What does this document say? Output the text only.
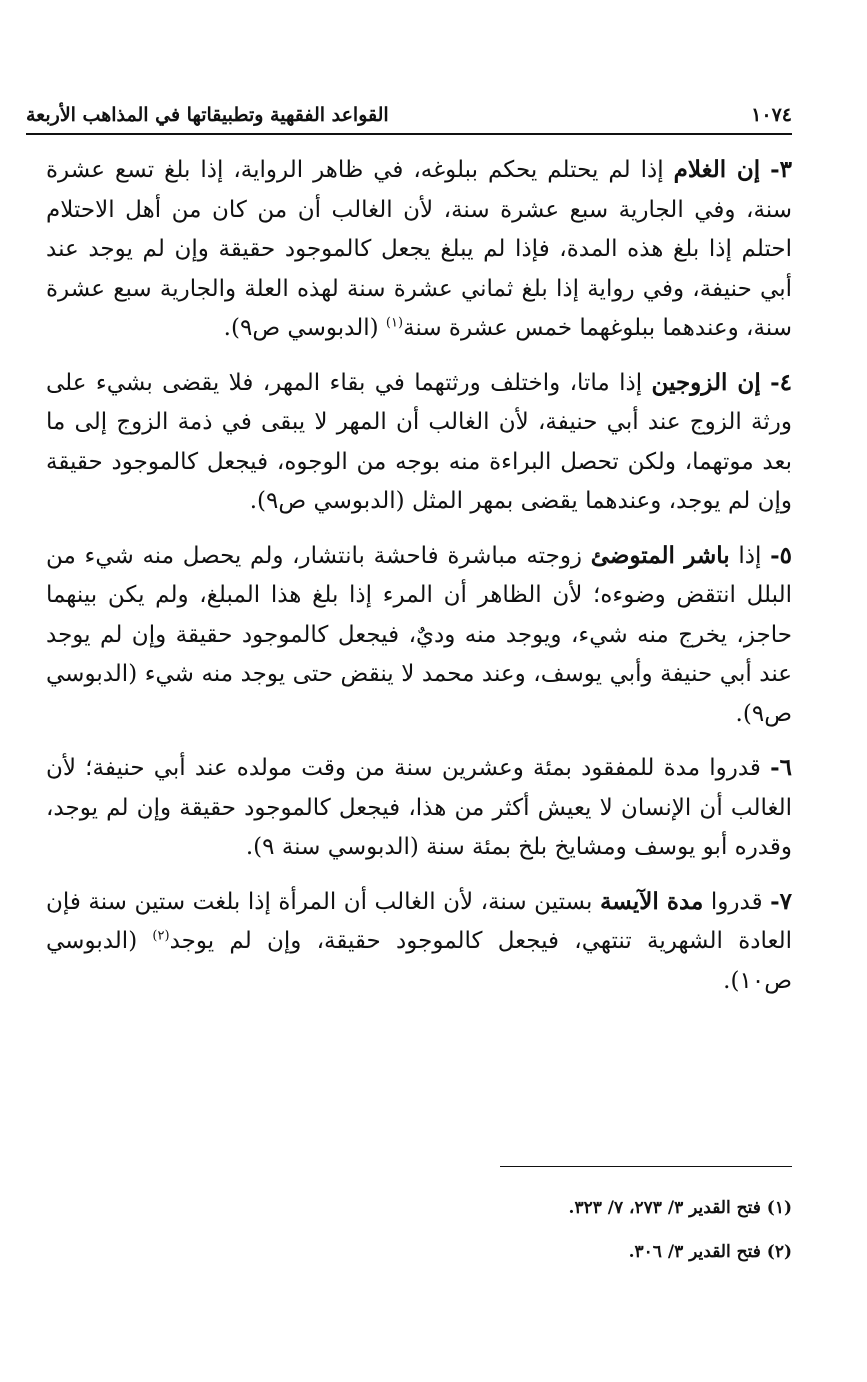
١٠٧٤
القواعد الفقهية وتطبيقاتها في المذاهب الأربعة

٣- إن الغلام إذا لم يحتلم يحكم ببلوغه، في ظاهر الرواية، إذا بلغ تسع عشرة سنة، وفي الجارية سبع عشرة سنة، لأن الغالب أن من كان من أهل الاحتلام احتلم إذا بلغ هذه المدة، فإذا لم يبلغ يجعل كالموجود حقيقة وإن لم يوجد عند أبي حنيفة، وفي رواية إذا بلغ ثماني عشرة سنة لهذه العلة والجارية سبع عشرة سنة، وعندهما ببلوغهما خمس عشرة سنة$^{(١)}$ (الدبوسي ص٩).

٤- إن الزوجين إذا ماتا، واختلف ورثتهما في بقاء المهر، فلا يقضى بشيء على ورثة الزوج عند أبي حنيفة، لأن الغالب أن المهر لا يبقى في ذمة الزوج إلى ما بعد موتهما، ولكن تحصل البراءة منه بوجه من الوجوه، فيجعل كالموجود حقيقة وإن لم يوجد، وعندهما يقضى بمهر المثل (الدبوسي ص٩).

٥- إذا باشر المتوضئ زوجته مباشرة فاحشة بانتشار، ولم يحصل منه شيء من البلل انتقض وضوءه؛ لأن الظاهر أن المرء إذا بلغ هذا المبلغ، ولم يكن بينهما حاجز، يخرج منه شيء، ويوجد منه وديٌ، فيجعل كالموجود حقيقة وإن لم يوجد عند أبي حنيفة وأبي يوسف، وعند محمد لا ينقض حتى يوجد منه شيء (الدبوسي ص٩).

٦- قدروا مدة للمفقود بمئة وعشرين سنة من وقت مولده عند أبي حنيفة؛ لأن الغالب أن الإنسان لا يعيش أكثر من هذا، فيجعل كالموجود حقيقة وإن لم يوجد، وقدره أبو يوسف ومشايخ بلخ بمئة سنة (الدبوسي سنة ٩).

٧- قدروا مدة الآيسة بستين سنة، لأن الغالب أن المرأة إذا بلغت ستين سنة فإن العادة الشهرية تنتهي، فيجعل كالموجود حقيقة، وإن لم يوجد$^{(٢)}$ (الدبوسي ص١٠).

(١) فتح القدير ٣/ ٢٧٣، ٧/ ٣٢٣.

(٢) فتح القدير ٣/ ٣٠٦.
